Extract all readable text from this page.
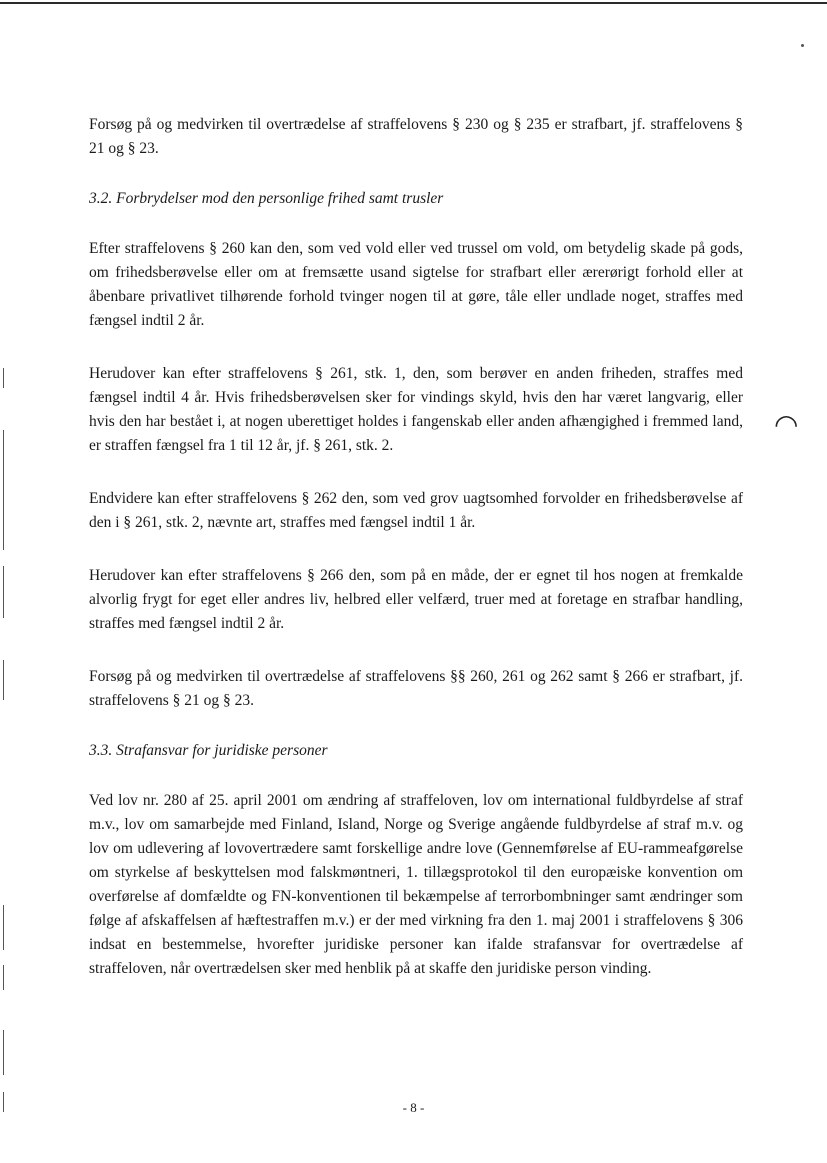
◠

Forsøg på og medvirken til overtrædelse af straffelovens § 230 og § 235 er strafbart, jf. straffelovens § 21 og § 23.

3.2. Forbrydelser mod den personlige frihed samt trusler

Efter straffelovens § 260 kan den, som ved vold eller ved trussel om vold, om betydelig skade på gods, om frihedsberøvelse eller om at fremsætte usand sigtelse for strafbart eller ærerørigt forhold eller at åbenbare privatlivet tilhørende forhold tvinger nogen til at gøre, tåle eller undlade noget, straffes med fængsel indtil 2 år.

Herudover kan efter straffelovens § 261, stk. 1, den, som berøver en anden friheden, straffes med fængsel indtil 4 år. Hvis frihedsberøvelsen sker for vindings skyld, hvis den har været langvarig, eller hvis den har bestået i, at nogen uberettiget holdes i fangenskab eller anden afhængighed i fremmed land, er straffen fængsel fra 1 til 12 år, jf. § 261, stk. 2.

Endvidere kan efter straffelovens § 262 den, som ved grov uagtsomhed forvolder en frihedsberøvelse af den i § 261, stk. 2, nævnte art, straffes med fængsel indtil 1 år.

Herudover kan efter straffelovens § 266 den, som på en måde, der er egnet til hos nogen at fremkalde alvorlig frygt for eget eller andres liv, helbred eller velfærd, truer med at foretage en strafbar handling, straffes med fængsel indtil 2 år.

Forsøg på og medvirken til overtrædelse af straffelovens §§ 260, 261 og 262 samt § 266 er strafbart, jf. straffelovens § 21 og § 23.

3.3. Strafansvar for juridiske personer

Ved lov nr. 280 af 25. april 2001 om ændring af straffeloven, lov om international fuldbyrdelse af straf m.v., lov om samarbejde med Finland, Island, Norge og Sverige angående fuldbyrdelse af straf m.v. og lov om udlevering af lovovertrædere samt forskellige andre love (Gennemførelse af EU-rammeafgørelse om styrkelse af beskyttelsen mod falskmøntneri, 1. tillægsprotokol til den europæiske konvention om overførelse af domfældte og FN-konventionen til bekæmpelse af terrorbombninger samt ændringer som følge af afskaffelsen af hæftestraffen m.v.) er der med virkning fra den 1. maj 2001 i straffelovens § 306 indsat en bestemmelse, hvorefter juridiske personer kan ifalde strafansvar for overtrædelse af straffeloven, når overtrædelsen sker med henblik på at skaffe den juridiske person vinding.

- 8 -
